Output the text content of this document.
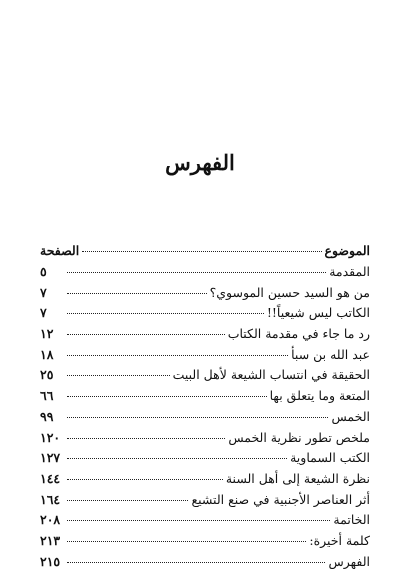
الفهرس
الموضوع
الصفحة
المقدمة
٥
من هو السيد حسين الموسوي؟
٧
الكاتب ليس شيعياً!!
٧
رد ما جاء في مقدمة الكتاب
١٢
عبد الله بن سبأ
١٨
الحقيقة في انتساب الشيعة لأهل البيت
٢٥
المتعة وما يتعلق بها
٦٦
الخمس
٩٩
ملخص تطور نظرية الخمس
١٢٠
الكتب السماوية
١٢٧
نظرة الشيعة إلى أهل السنة
١٤٤
أثر العناصر الأجنبية في صنع التشيع
١٦٤
الخاتمة
٢٠٨
كلمة أخيرة:
٢١٣
الفهرس
٢١٥
